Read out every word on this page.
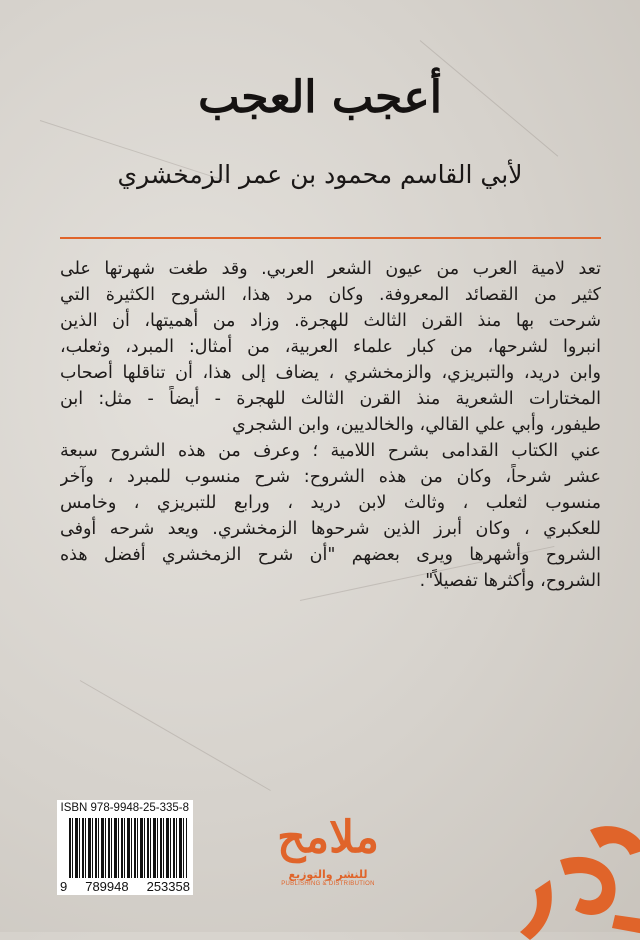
أعجب العجب
لأبي القاسم محمود بن عمر الزمخشري
تعد لامية العرب من عيون الشعر العربي. وقد طغت شهرتها على
كثير من القصائد المعروفة. وكان مرد هذا، الشروح الكثيرة التي
شرحت بها منذ القرن الثالث للهجرة. وزاد من أهميتها، أن الذين
انبروا لشرحها، من كبار علماء العربية، من أمثال: المبرد، وثعلب،
وابن دريد، والتبريزي، والزمخشري ، يضاف إلى هذا، أن تناقلها أصحاب
المختارات الشعرية منذ القرن الثالث للهجرة - أيضاً - مثل: ابن
طيفور، وأبي علي القالي، والخالديين، وابن الشجري
عني الكتاب القدامى بشرح اللامية ؛ وعرف من هذه الشروح سبعة
عشر شرحاً، وكان من هذه الشروح: شرح منسوب للمبرد ، وآخر
منسوب لثعلب ، وثالث لابن دريد ، ورابع للتبريزي ، وخامس
للعكبري ، وكان أبرز الذين شرحوها الزمخشري. ويعد شرحه أوفى
الشروح وأشهرها ويرى بعضهم "أن شرح الزمخشري أفضل هذه
الشروح، وأكثرها تفصيلاً".
ISBN 978-9948-25-335-8
9 789948 253358
ملامح
للنشر والتوزيع
PUBLISHING & DISTRIBUTION
